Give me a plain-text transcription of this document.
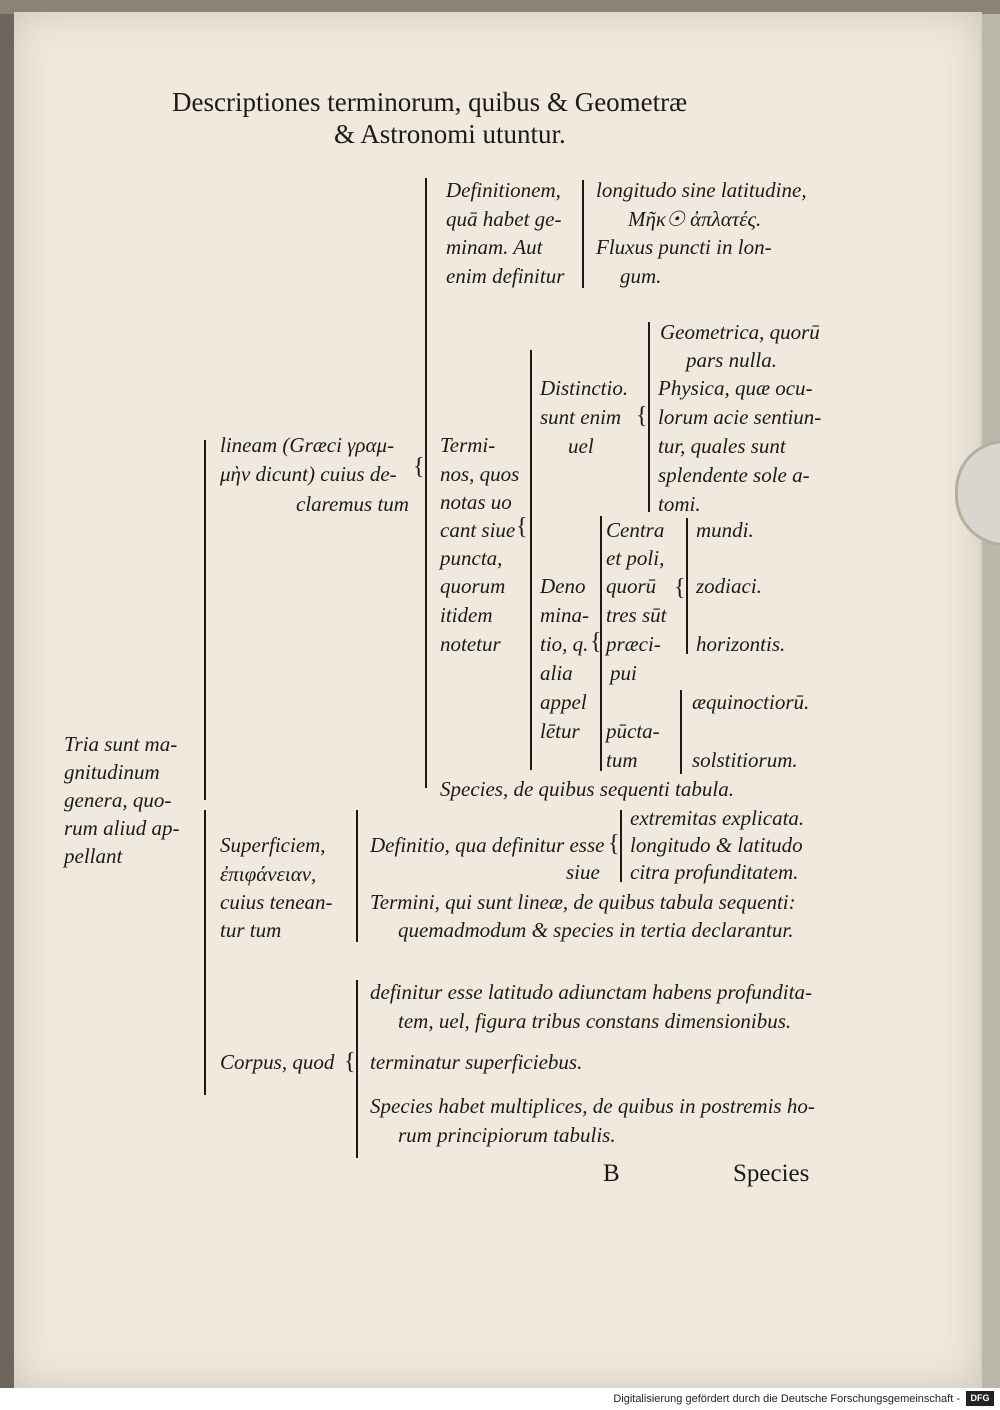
Descriptiones terminorum, quibus & Geometræ
& Astronomi utuntur.
Tria sunt ma-
gnitudinum
genera, quo-
rum aliud ap-
pellant
lineam (Græci γραμ-
μὴν dicunt) cuius de-
claremus tum
{
Definitionem,
quā habet ge-
minam. Aut
enim definitur
longitudo sine latitudine,
Μῆκ☉ ἀπλατές.
Fluxus puncti in lon-
gum.
Termi-
nos, quos
notas uo
cant siue
puncta,
quorum
itidem
notetur
{
Distinctio.
sunt enim
uel
{
Geometrica, quorū
pars nulla.
Physica, quæ ocu-
lorum acie sentiun-
tur, quales sunt
splendente sole a-
tomi.
Deno
mina-
tio, q.
alia
appel
lētur
{
Centra
et poli,
quorū
tres sūt
præci-
pui
{
mundi.
zodiaci.
horizontis.
pūcta-
tum
æquinoctiorū.
solstitiorum.
Species, de quibus sequenti tabula.
Superficiem,
ἐπιφάνειαν,
cuius tenean-
tur tum
Definitio, qua definitur esse
siue
{
extremitas explicata.
longitudo & latitudo
citra profunditatem.
Termini, qui sunt lineæ, de quibus tabula sequenti:
quemadmodum & species in tertia declarantur.
Corpus, quod {
definitur esse latitudo adiunctam habens profundita-
tem, uel, figura tribus constans dimensionibus.
terminatur superficiebus.
Species habet multiplices, de quibus in postremis ho-
rum principiorum tabulis.
B	Species
Digitalisierung gefördert durch die Deutsche Forschungsgemeinschaft -	DFG
